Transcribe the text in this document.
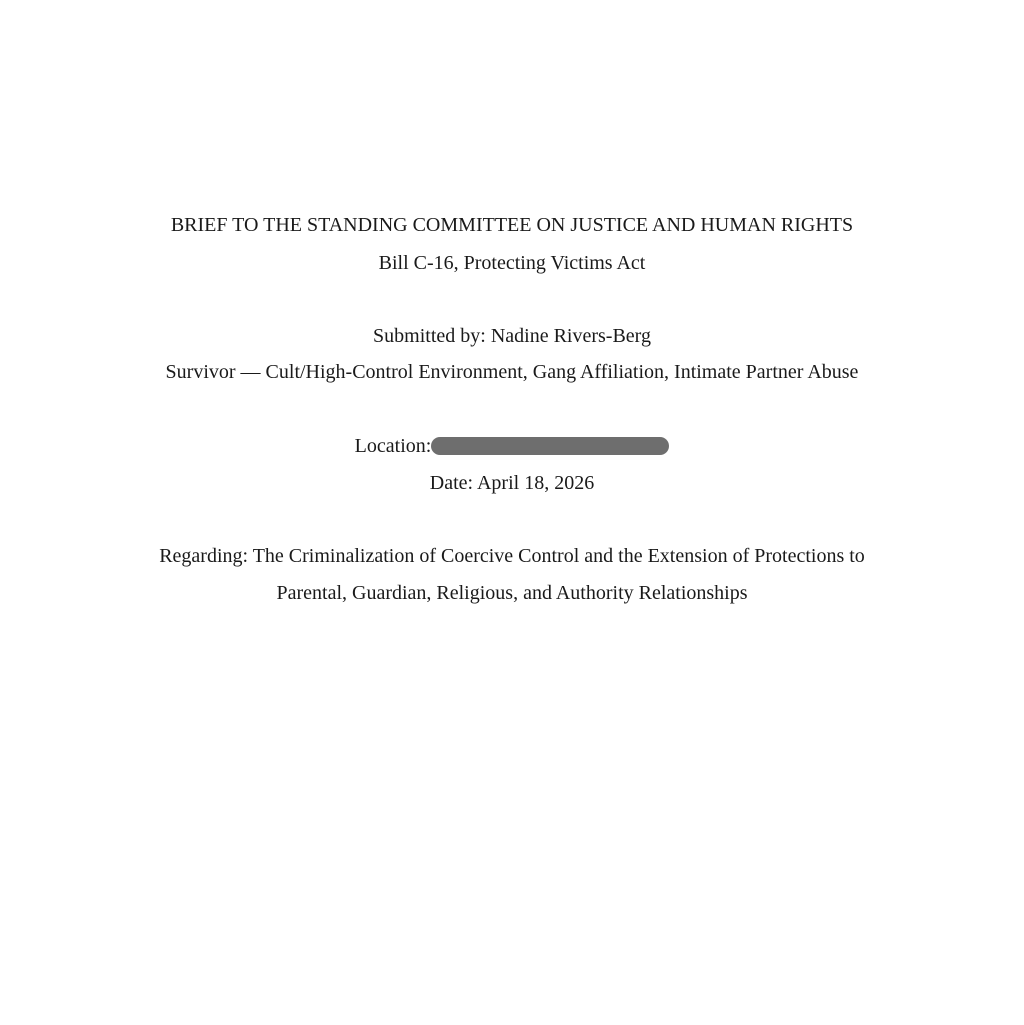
BRIEF TO THE STANDING COMMITTEE ON JUSTICE AND HUMAN RIGHTS
Bill C-16, Protecting Victims Act
Submitted by: Nadine Rivers-Berg
Survivor — Cult/High-Control Environment, Gang Affiliation, Intimate Partner Abuse
Location:
Date: April 18, 2026
Regarding: The Criminalization of Coercive Control and the Extension of Protections to
Parental, Guardian, Religious, and Authority Relationships
